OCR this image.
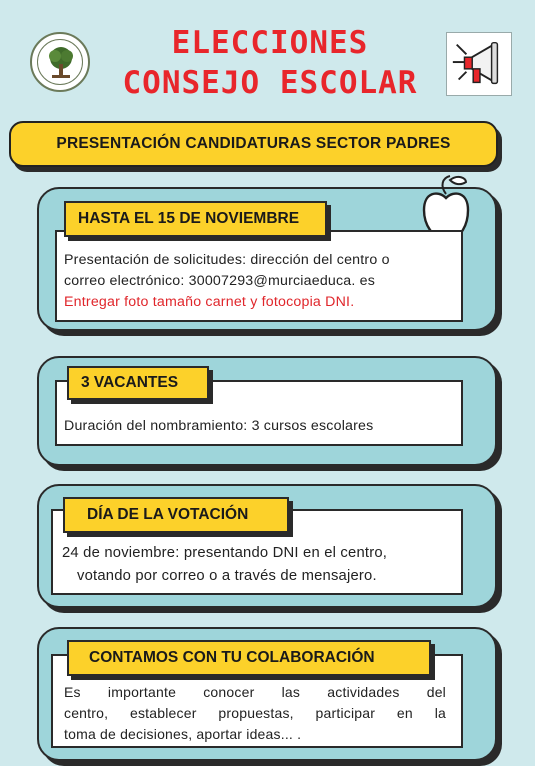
ELECCIONES
CONSEJO ESCOLAR
PRESENTACIÓN CANDIDATURAS SECTOR PADRES
HASTA EL 15 DE NOVIEMBRE
Presentación de solicitudes: dirección del centro o
correo electrónico: 30007293@murciaeduca. es
Entregar foto tamaño carnet y fotocopia DNI.
3 VACANTES
Duración del nombramiento: 3 cursos escolares
DÍA DE LA VOTACIÓN
24 de noviembre: presentando DNI en el centro,
votando por correo o a través de mensajero.
CONTAMOS CON TU COLABORACIÓN
Es importante conocer las actividades del
centro, establecer propuestas, participar en la
toma de decisiones, aportar ideas... .
